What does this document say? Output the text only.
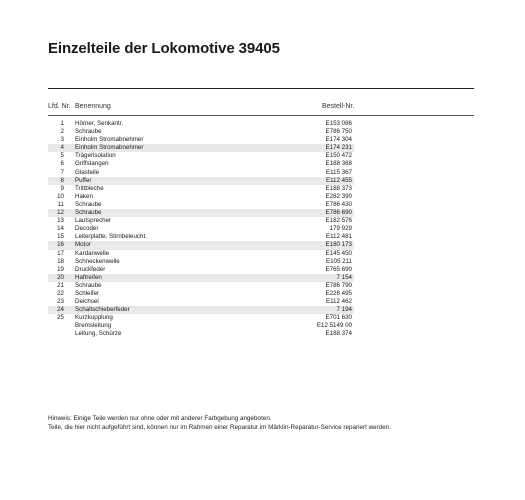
Einzelteile der Lokomotive 39405
Lfd. Nr. Benennung	Bestell-Nr.
1 Hörner, Senkantr.	E153 086
2 Schraube	E786 750
3 Einholm Stromabnehmer	E174 304
4 Einholm Stromabnehmer	E174 231
5 Trägerisolation	E150 472
6 Griffstangen	E188 368
7 Glasteile	E115 367
8 Puffer	E112 455
9 Trittbleche	E188 373
10 Haken	E282 390
11 Schraube	E786 430
12 Schraube	E786 690
13 Lautsprecher	E182 576
14 Decoder	179 929
15 Leiterplatte, Stirnbeleucht.	E112 481
16 Motor	E180 173
17 Kardanwelle	E145 450
18 Schneckenwelle	E105 211
19 Druckfeder	E765 690
20 Haftreifen	7 154
21 Schraube	E786 790
22 Schleifer	E226 495
23 Deichsel	E112 462
24 Schaltschieberfeder	7 194
25 Kurzkupplung	E701 630
Bremsleitung	E12 5149 00
Leitung, Schürze	E188 374

Hinweis: Einige Teile werden nur ohne oder mit anderer Farbgebung angeboten.

Teile, die hier nicht aufgeführt sind, können nur im Rahmen einer Reparatur im Märklin-Reparatur-Service repariert werden.
